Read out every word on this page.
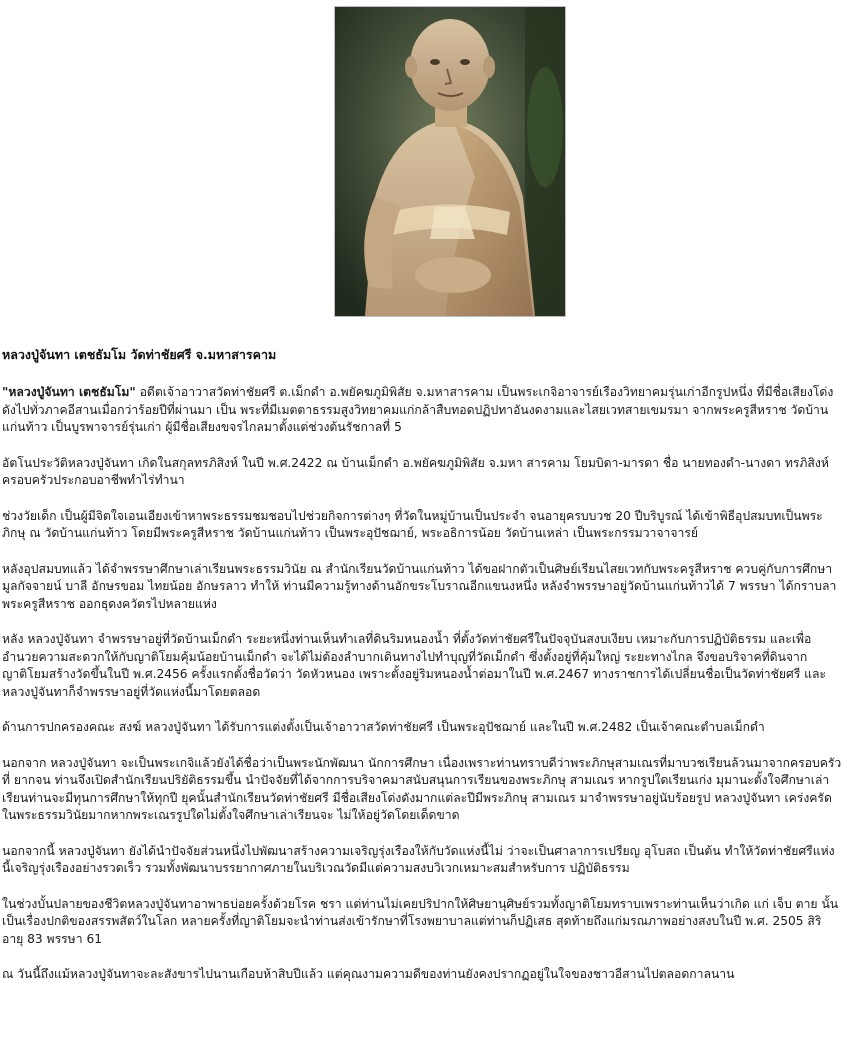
หลวงปู่จันทา เตชธัมโม วัดท่าชัยศรี จ.มหาสารคาม

"หลวงปู่จันทา เตชธัมโม" อดีตเจ้าอาวาสวัดท่าชัยศรี ต.เม็กดำ อ.พยัคฆภูมิพิสัย จ.มหาสารคาม เป็นพระเกจิอาจารย์เรืองวิทยาคมรุ่นเก่าอีกรูปหนึ่ง ที่มีชื่อเสียงโด่งดังไปทั่วภาคอีสานเมื่อกว่าร้อยปีที่ผ่านมา เป็น พระที่มีเมตตาธรรมสูงวิทยาคมแก่กล้าสืบทอดปฏิปทาอันงดงามและไสยเวทสายเขมรมา จากพระครูสีหราช วัดบ้านแก่นท้าว เป็นบูรพาจารย์รุ่นเก่า ผู้มีชื่อเสียงขจรไกลมาตั้งแต่ช่วงต้นรัชกาลที่ 5

อัตโนประวัติหลวงปู่จันทา เกิดในสกุลทรภิสิงห์ ในปี พ.ศ.2422 ณ บ้านเม็กดำ อ.พยัคฆภูมิพิสัย จ.มหา สารคาม โยมบิดา-มารดา ชื่อ นายทองดำ-นางดา ทรภิสิงห์ ครอบครัวประกอบอาชีพทำไร่ทำนา

ช่วงวัยเด็ก เป็นผู้มีจิตใจเอนเอียงเข้าหาพระธรรมชมชอบไปช่วยกิจการต่างๆ ที่วัดในหมู่บ้านเป็นประจำ จนอายุครบบวช 20 ปีบริบูรณ์ ได้เข้าพิธีอุปสมบทเป็นพระภิกษุ ณ วัดบ้านแก่นท้าว โดยมีพระครูสีหราช วัดบ้านแก่นท้าว เป็นพระอุปัชฌาย์, พระอธิการน้อย วัดบ้านเหล่า เป็นพระกรรมวาจาจารย์

หลังอุปสมบทแล้ว ได้จำพรรษาศึกษาเล่าเรียนพระธรรมวินัย ณ สำนักเรียนวัดบ้านแก่นท้าว ได้ขอฝากตัวเป็นศิษย์เรียนไสยเวทกับพระครูสีหราช ควบคู่กับการศึกษามูลกัจจายน์ บาลี อักษรขอม ไทยน้อย อักษรลาว ทำให้ ท่านมีความรู้ทางด้านอักขระโบราณอีกแขนงหนึ่ง หลังจำพรรษาอยู่วัดบ้านแก่นท้าวได้ 7 พรรษา ได้กราบลาพระครูสีหราช ออกธุดงควัตรไปหลายแห่ง

หลัง หลวงปู่จันทา จำพรรษาอยู่ที่วัดบ้านเม็กดำ ระยะหนึ่งท่านเห็นทำเลที่ดินริมหนองน้ำ ที่ตั้งวัดท่าชัยศรีในปัจจุบันสงบเงียบ เหมาะกับการปฏิบัติธรรม และเพื่ออำนวยความสะดวกให้กับญาติโยมคุ้มน้อยบ้านเม็กดำ จะได้ไม่ต้องลำบากเดินทางไปทำบุญที่วัดเม็กดำ ซึ่งตั้งอยู่ที่คุ้มใหญ่ ระยะทางไกล จึงขอบริจาคที่ดินจากญาติโยมสร้างวัดขึ้นในปี พ.ศ.2456 ครั้งแรกตั้งชื่อวัดว่า วัดหัวหนอง เพราะตั้งอยู่ริมหนองน้ำต่อมาในปี พ.ศ.2467 ทางราชการได้เปลี่ยนชื่อเป็นวัดท่าชัยศรี และหลวงปู่จันทาก็จำพรรษาอยู่ที่วัดแห่งนี้มาโดยตลอด

ด้านการปกครองคณะ สงฆ์ หลวงปู่จันทา ได้รับการแต่งตั้งเป็นเจ้าอาวาสวัดท่าชัยศรี เป็นพระอุปัชฌาย์ และในปี พ.ศ.2482 เป็นเจ้าคณะตำบลเม็กดำ

นอกจาก หลวงปู่จันทา จะเป็นพระเกจิแล้วยังได้ชื่อว่าเป็นพระนักพัฒนา นักการศึกษา เนื่องเพราะท่านทราบดีว่าพระภิกษุสามเณรที่มาบวชเรียนล้วนมาจากครอบครัวที่ ยากจน ท่านจึงเปิดสำนักเรียนปริยัติธรรมขึ้น นำปัจจัยที่ได้จากการบริจาคมาสนับสนุนการเรียนของพระภิกษุ สามเณร หากรูปใดเรียนเก่ง มุมานะตั้งใจศึกษาเล่าเรียนท่านจะมีทุนการศึกษาให้ทุกปี ยุคนั้นสำนักเรียนวัดท่าชัยศรี มีชื่อเสียงโด่งดังมากแต่ละปีมีพระภิกษุ สามเณร มาจำพรรษาอยู่นับร้อยรูป หลวงปู่จันทา เคร่งครัดในพระธรรมวินัยมากหากพระเณรรูปใดไม่ตั้งใจศึกษาเล่าเรียนจะ ไม่ให้อยู่วัดโดยเด็ดขาด

นอกจากนี้ หลวงปู่จันทา ยังได้นำปัจจัยส่วนหนึ่งไปพัฒนาสร้างความเจริญรุ่งเรืองให้กับวัดแห่งนี้ไม่ ว่าจะเป็นศาลาการเปรียญ อุโบสถ เป็นต้น ทำให้วัดท่าชัยศรีแห่งนี้เจริญรุ่งเรืองอย่างรวดเร็ว รวมทั้งพัฒนาบรรยากาศภายในบริเวณวัดมีแต่ความสงบวิเวกเหมาะสมสำหรับการ ปฏิบัติธรรม

ในช่วงบั้นปลายของชีวิตหลวงปู่จันทาอาพาธบ่อยครั้งด้วยโรค ชรา แต่ท่านไม่เคยปริปากให้ศิษยานุศิษย์รวมทั้งญาติโยมทราบเพราะท่านเห็นว่าเกิด แก่ เจ็บ ตาย นั้นเป็นเรื่องปกติของสรรพสัตว์ในโลก หลายครั้งที่ญาติโยมจะนำท่านส่งเข้ารักษาที่โรงพยาบาลแต่ท่านก็ปฏิเสธ สุดท้ายถึงแก่มรณภาพอย่างสงบในปี พ.ศ. 2505 สิริอายุ 83 พรรษา 61

ณ วันนี้ถึงแม้หลวงปู่จันทาจะละสังขารไปนานเกือบห้าสิบปีแล้ว แต่คุณงามความดีของท่านยังคงปรากฏอยู่ในใจของชาวอีสานไปตลอดกาลนาน
